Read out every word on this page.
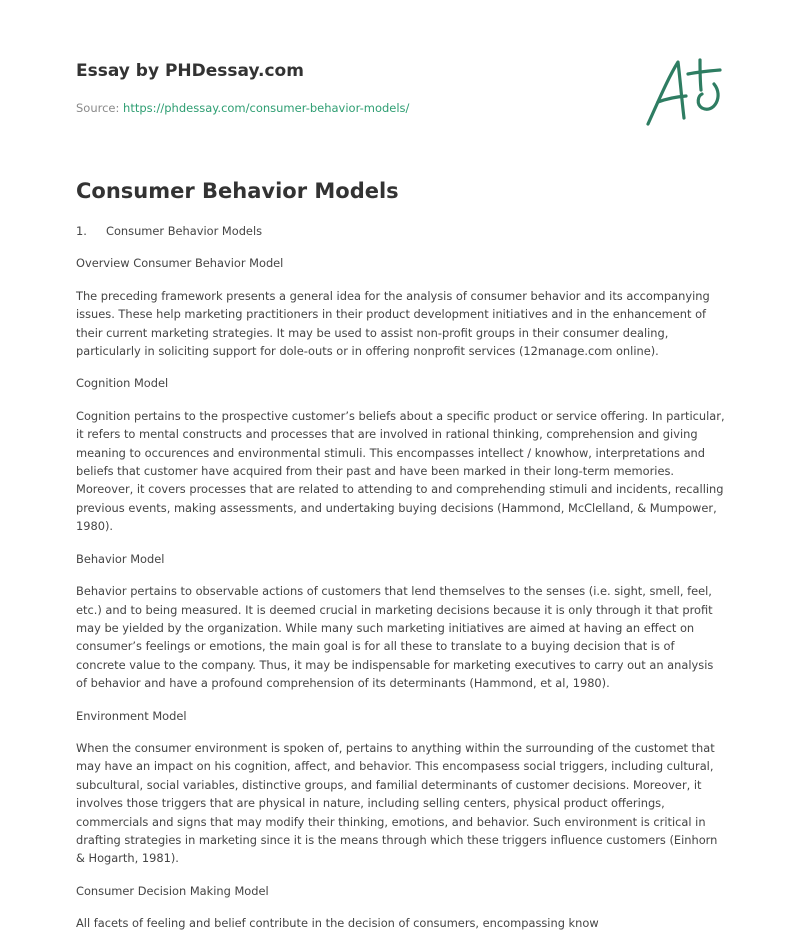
Essay by PHDessay.com
Source: https://phdessay.com/consumer-behavior-models/
Consumer Behavior Models
1. Consumer Behavior Models

Overview Consumer Behavior Model

The preceding framework presents a general idea for the analysis of consumer behavior and its accompanying issues. These help marketing practitioners in their product development initiatives and in the enhancement of their current marketing strategies. It may be used to assist non-profit groups in their consumer dealing, particularly in soliciting support for dole-outs or in offering nonprofit services (12manage.com online).

Cognition Model

Cognition pertains to the prospective customer’s beliefs about a specific product or service offering. In particular, it refers to mental constructs and processes that are involved in rational thinking, comprehension and giving meaning to occurences and environmental stimuli. This encompasses intellect / knowhow, interpretations and beliefs that customer have acquired from their past and have been marked in their long-term memories. Moreover, it covers processes that are related to attending to and comprehending stimuli and incidents, recalling previous events, making assessments, and undertaking buying decisions (Hammond, McClelland, & Mumpower, 1980).

Behavior Model

Behavior pertains to observable actions of customers that lend themselves to the senses (i.e. sight, smell, feel, etc.) and to being measured. It is deemed crucial in marketing decisions because it is only through it that profit may be yielded by the organization. While many such marketing initiatives are aimed at having an effect on consumer’s feelings or emotions, the main goal is for all these to translate to a buying decision that is of concrete value to the company. Thus, it may be indispensable for marketing executives to carry out an analysis of behavior and have a profound comprehension of its determinants (Hammond, et al, 1980).

Environment Model

When the consumer environment is spoken of, pertains to anything within the surrounding of the customet that may have an impact on his cognition, affect, and behavior. This encompasess social triggers, including cultural, subcultural, social variables, distinctive groups, and familial determinants of customer decisions. Moreover, it involves those triggers that are physical in nature, including selling centers, physical product offerings, commercials and signs that may modify their thinking, emotions, and behavior. Such environment is critical in drafting strategies in marketing since it is the means through which these triggers influence customers (Einhorn & Hogarth, 1981).

Consumer Decision Making Model

All facets of feeling and belief contribute in the decision of consumers, encompassing know
